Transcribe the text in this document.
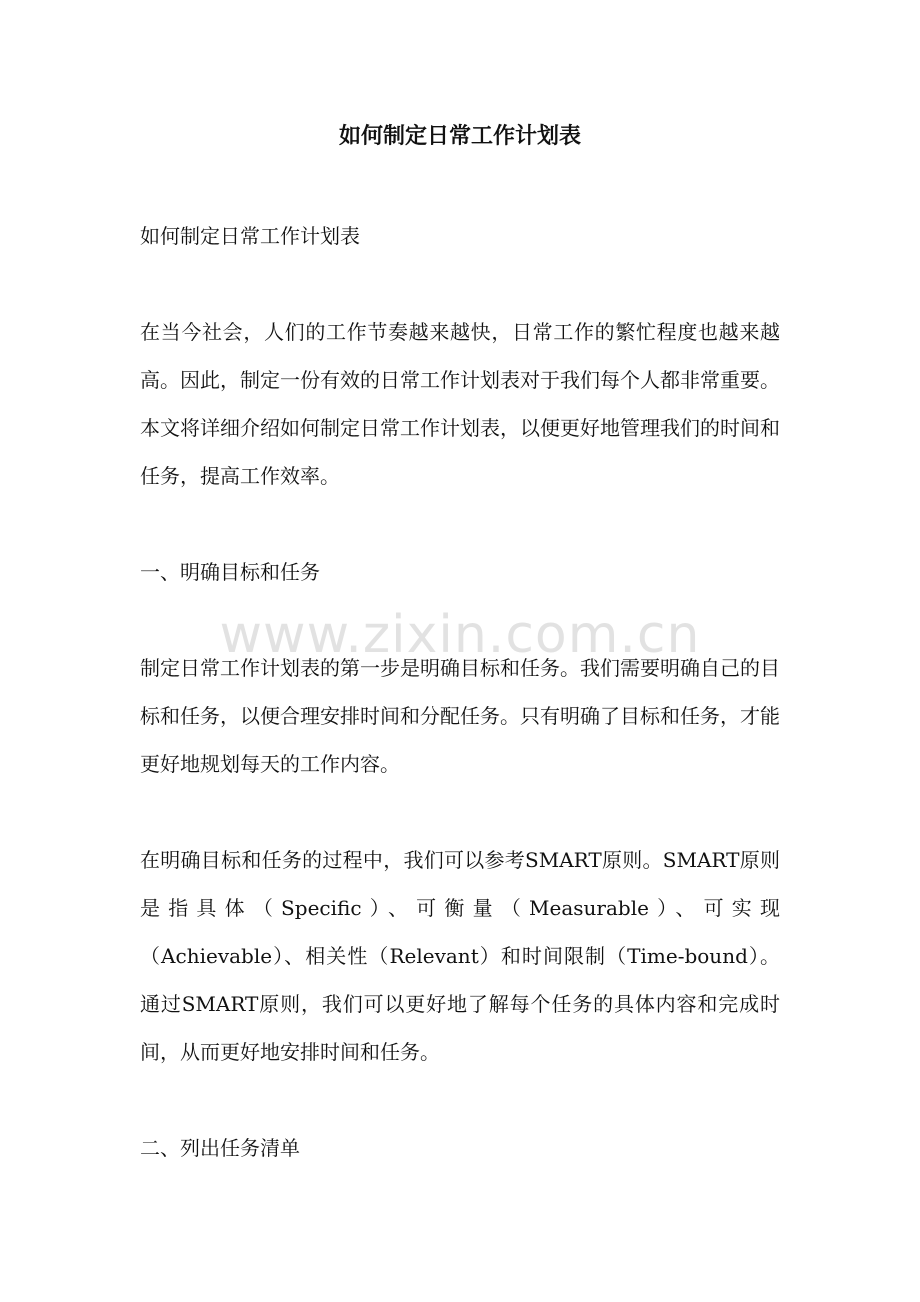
如何制定日常工作计划表

如何制定日常工作计划表

在当今社会，人们的工作节奏越来越快，日常工作的繁忙程度也越来越高。因此，制定一份有效的日常工作计划表对于我们每个人都非常重要。本文将详细介绍如何制定日常工作计划表，以便更好地管理我们的时间和任务，提高工作效率。

一、明确目标和任务

制定日常工作计划表的第一步是明确目标和任务。我们需要明确自己的目标和任务，以便合理安排时间和分配任务。只有明确了目标和任务，才能更好地规划每天的工作内容。

在明确目标和任务的过程中，我们可以参考SMART原则。SMART原则是指具体（Specific）、可衡量（Measurable）、可实现（Achievable）、相关性（Relevant）和时间限制（Time-bound）。通过SMART原则，我们可以更好地了解每个任务的具体内容和完成时间，从而更好地安排时间和任务。

二、列出任务清单

www.zixin.com.cn
